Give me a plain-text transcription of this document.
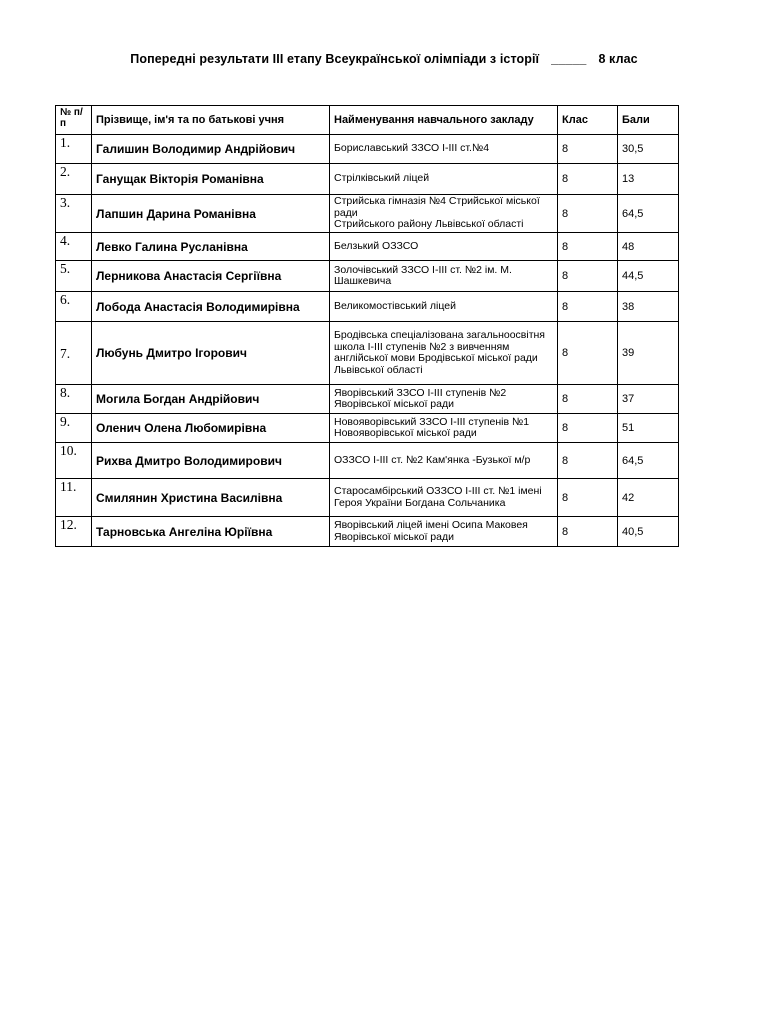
Попередні результати ІІІ етапу Всеукраїнської олімпіади з історії _____ 8 клас
№ п/п	Прізвище, ім'я та по батькові учня	Найменування навчального закладу	Клас	Бали
1.	Галишин Володимир Андрійович	Бориславський ЗЗСО І-ІІІ ст.№4	8	30,5
2.	Ганущак Вікторія Романівна	Стрілківський ліцей	8	13
3.	Лапшин Дарина Романівна	Стрийська гімназія №4 Стрийської міської ради
Стрийського району Львівської області	8	64,5
4.	Левко Галина Русланівна	Белзький ОЗЗСО	8	48
5.	Лерникова Анастасія Сергіївна	Золочівський ЗЗСО І-ІІІ ст. №2 ім. М. Шашкевича	8	44,5
6.	Лобода Анастасія Володимирівна	Великомостівський ліцей	8	38
7.	Любунь Дмитро Ігорович	Бродівська спеціалізована загальноосвітня школа І-ІІІ ступенів №2 з вивченням англійської мови Бродівської міської ради Львівської області	8	39
8.	Могила Богдан Андрійович	Яворівський ЗЗСО І-ІІІ ступенів №2 Яворівської міської ради	8	37
9.	Оленич Олена Любомирівна	Новояворівський ЗЗСО І-ІІІ ступенів №1 Новояворівської міської ради	8	51
10.	Рихва Дмитро Володимирович	ОЗЗСО І-ІІІ ст. №2 Кам'янка -Бузької м/р	8	64,5
11.	Смилянин Христина Василівна	Старосамбірський ОЗЗСО І-ІІІ ст. №1 імені Героя України Богдана Сольчаника	8	42
12.	Тарновська Ангеліна Юріївна	Яворівський ліцей імені Осипа Маковея Яворівської міської ради	8	40,5
